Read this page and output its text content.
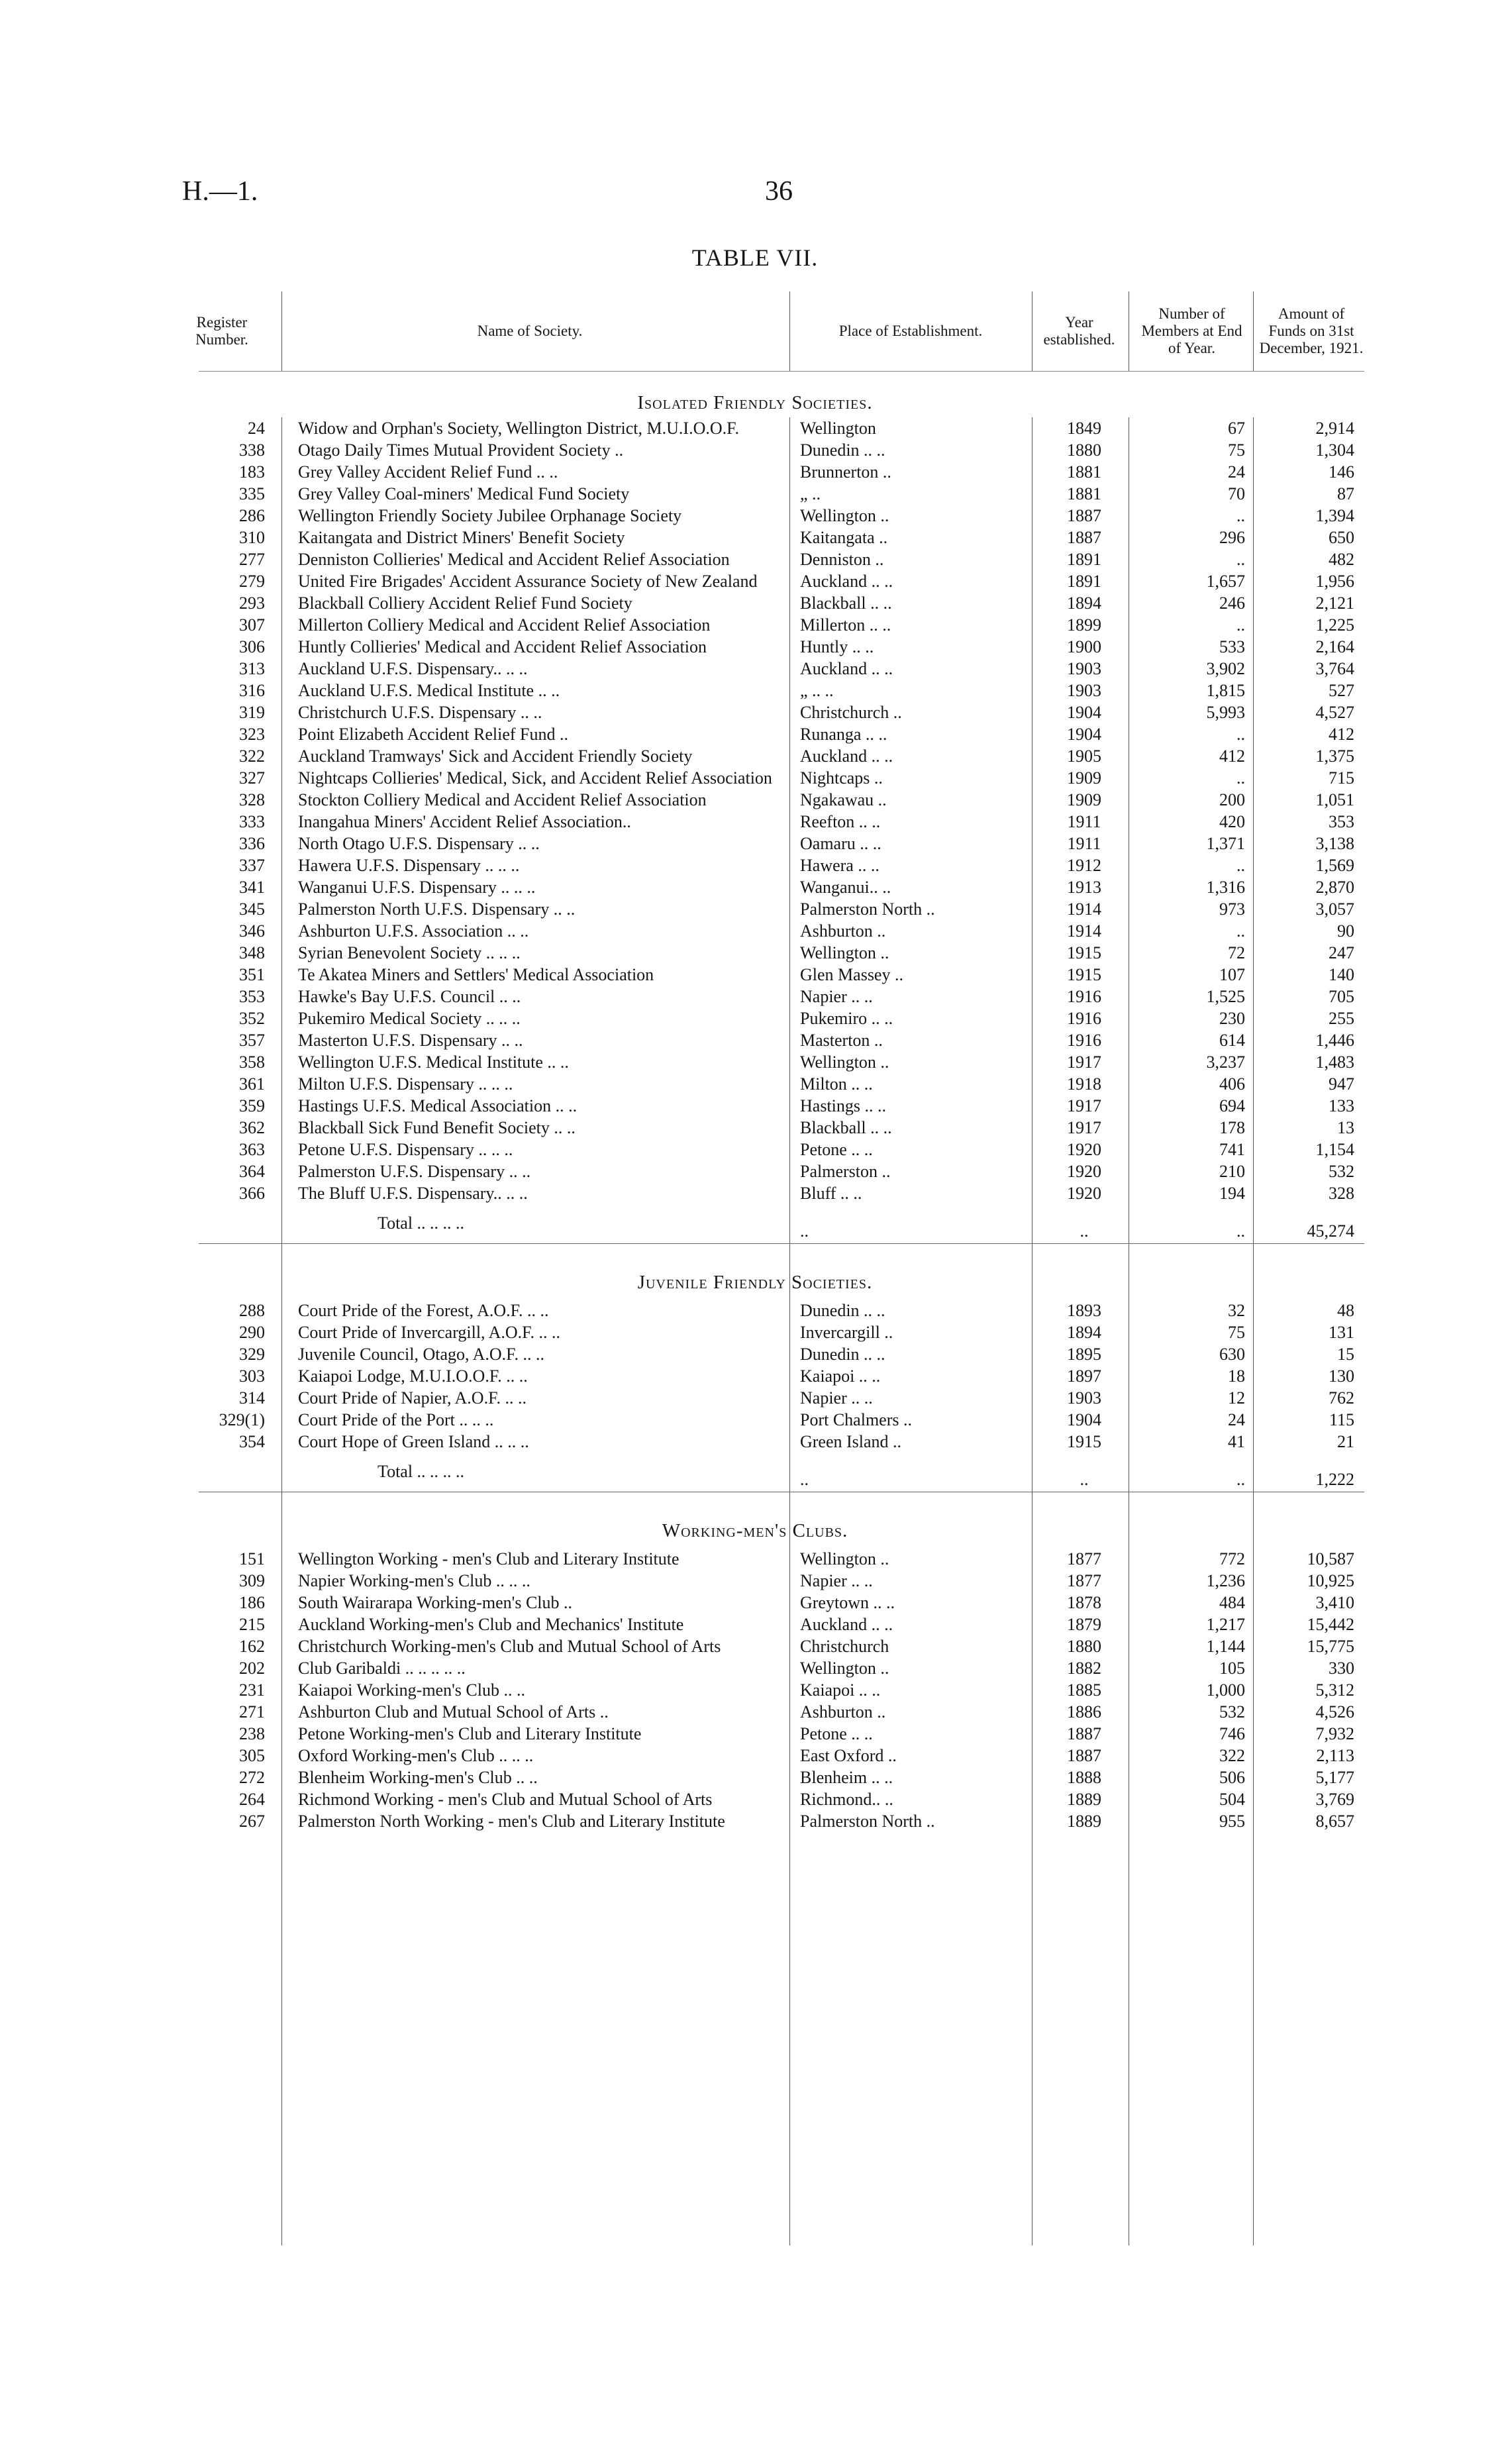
H.—1.	36
TABLE VII.
Register Number.
Name of Society.	Place of Establishment.
Year established.
Number of Members at End of Year.
Amount of Funds on 31st December, 1921.
Isolated Friendly Societies.
24 Widow and Orphan's Society, Wellington District, M.U.I.O.O.F.	Wellington	1849	67	2,914
338 Otago Daily Times Mutual Provident Society ..	Dunedin .. ..	1880	75	1,304
183 Grey Valley Accident Relief Fund .. ..	Brunnerton ..	1881	24	146
335 Grey Valley Coal-miners' Medical Fund Society	„ ..	1881	70	87
286 Wellington Friendly Society Jubilee Orphanage Society	Wellington ..	1887	..	1,394
310 Kaitangata and District Miners' Benefit Society	Kaitangata ..	1887	296	650
277 Denniston Collieries' Medical and Accident Relief Association	Denniston ..	1891	..	482
279 United Fire Brigades' Accident Assurance Society of New Zealand	Auckland .. ..	1891	1,657	1,956
293 Blackball Colliery Accident Relief Fund Society	Blackball .. ..	1894	246	2,121
307 Millerton Colliery Medical and Accident Relief Association	Millerton .. ..	1899	..	1,225
306 Huntly Collieries' Medical and Accident Relief Association	Huntly .. ..	1900	533	2,164
313 Auckland U.F.S. Dispensary.. .. ..	Auckland .. ..	1903	3,902	3,764
316 Auckland U.F.S. Medical Institute .. ..	„ .. ..	1903	1,815	527
319 Christchurch U.F.S. Dispensary .. ..	Christchurch ..	1904	5,993	4,527
323 Point Elizabeth Accident Relief Fund ..	Runanga .. ..	1904	..	412
322 Auckland Tramways' Sick and Accident Friendly Society	Auckland .. ..	1905	412	1,375
327 Nightcaps Collieries' Medical, Sick, and Accident Relief Association	Nightcaps ..	1909	..	715
328 Stockton Colliery Medical and Accident Relief Association	Ngakawau ..	1909	200	1,051
333 Inangahua Miners' Accident Relief Association..	Reefton .. ..	1911	420	353
336 North Otago U.F.S. Dispensary .. ..	Oamaru .. ..	1911	1,371	3,138
337 Hawera U.F.S. Dispensary .. .. ..	Hawera .. ..	1912	..	1,569
341 Wanganui U.F.S. Dispensary .. .. ..	Wanganui.. ..	1913	1,316	2,870
345 Palmerston North U.F.S. Dispensary .. ..	Palmerston North ..	1914	973	3,057
346 Ashburton U.F.S. Association .. ..	Ashburton ..	1914	..	90
348 Syrian Benevolent Society .. .. ..	Wellington ..	1915	72	247
351 Te Akatea Miners and Settlers' Medical Association	Glen Massey ..	1915	107	140
353 Hawke's Bay U.F.S. Council .. ..	Napier .. ..	1916	1,525	705
352 Pukemiro Medical Society .. .. ..	Pukemiro .. ..	1916	230	255
357 Masterton U.F.S. Dispensary .. ..	Masterton ..	1916	614	1,446
358 Wellington U.F.S. Medical Institute .. ..	Wellington ..	1917	3,237	1,483
361 Milton U.F.S. Dispensary .. .. ..	Milton .. ..	1918	406	947
359 Hastings U.F.S. Medical Association .. ..	Hastings .. ..	1917	694	133
362 Blackball Sick Fund Benefit Society .. ..	Blackball .. ..	1917	178	13
363 Petone U.F.S. Dispensary .. .. ..	Petone .. ..	1920	741	1,154
364 Palmerston U.F.S. Dispensary .. ..	Palmerston ..	1920	210	532
366 The Bluff U.F.S. Dispensary.. .. ..	Bluff .. ..	1920	194	328
Total .. .. .. ..	..	..	..	45,274
Juvenile Friendly Societies.
288 Court Pride of the Forest, A.O.F. .. ..	Dunedin .. ..	1893	32	48
290 Court Pride of Invercargill, A.O.F. .. ..	Invercargill ..	1894	75	131
329 Juvenile Council, Otago, A.O.F. .. ..	Dunedin .. ..	1895	630	15
303 Kaiapoi Lodge, M.U.I.O.O.F. .. ..	Kaiapoi .. ..	1897	18	130
314 Court Pride of Napier, A.O.F. .. ..	Napier .. ..	1903	12	762
329(1) Court Pride of the Port .. .. ..	Port Chalmers ..	1904	24	115
354 Court Hope of Green Island .. .. ..	Green Island ..	1915	41	21
Total .. .. .. ..	..	..	..	1,222
Working-men's Clubs.
151 Wellington Working - men's Club and Literary Institute	Wellington ..	1877	772	10,587
309 Napier Working-men's Club .. .. ..	Napier .. ..	1877	1,236	10,925
186 South Wairarapa Working-men's Club ..	Greytown .. ..	1878	484	3,410
215 Auckland Working-men's Club and Mechanics' Institute	Auckland .. ..	1879	1,217	15,442
162 Christchurch Working-men's Club and Mutual School of Arts	Christchurch	1880	1,144	15,775
202 Club Garibaldi .. .. .. .. ..	Wellington ..	1882	105	330
231 Kaiapoi Working-men's Club .. ..	Kaiapoi .. ..	1885	1,000	5,312
271 Ashburton Club and Mutual School of Arts ..	Ashburton ..	1886	532	4,526
238 Petone Working-men's Club and Literary Institute	Petone .. ..	1887	746	7,932
305 Oxford Working-men's Club .. .. ..	East Oxford ..	1887	322	2,113
272 Blenheim Working-men's Club .. ..	Blenheim .. ..	1888	506	5,177
264 Richmond Working - men's Club and Mutual School of Arts	Richmond.. ..	1889	504	3,769
267 Palmerston North Working - men's Club and Literary Institute	Palmerston North ..	1889	955	8,657
